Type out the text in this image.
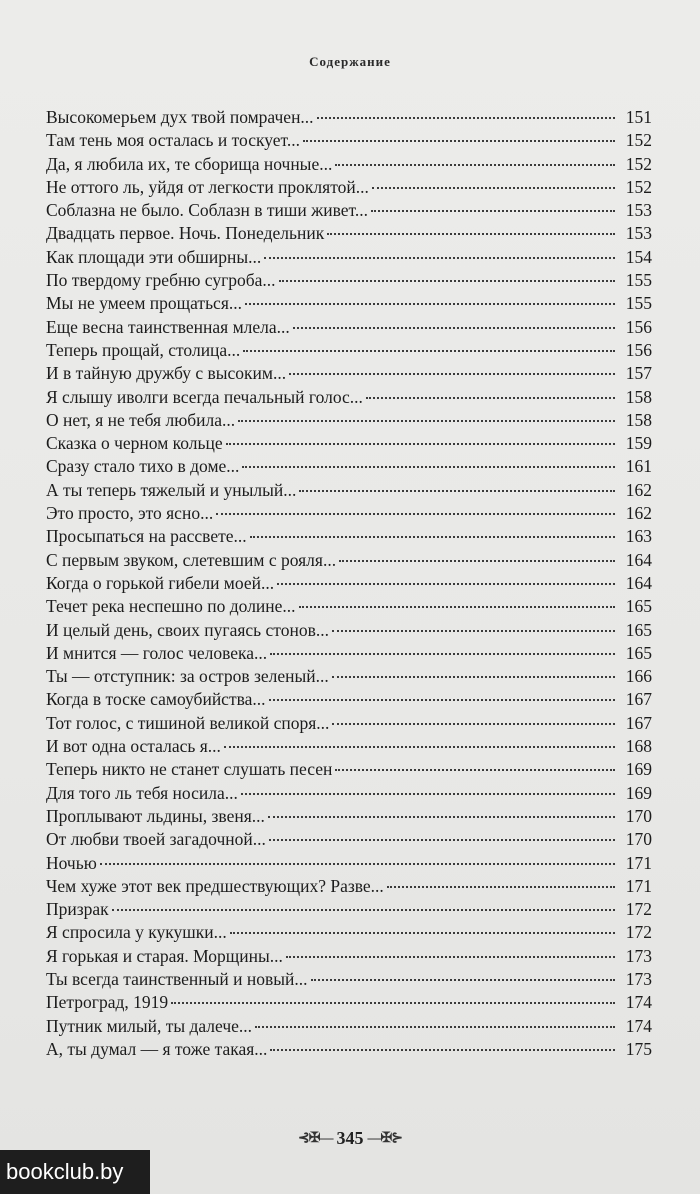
Содержание
Высокомерьем дух твой помрачен...	151
Там тень моя осталась и тоскует...	152
Да, я любила их, те сборища ночные...	152
Не оттого ль, уйдя от легкости проклятой...	152
Соблазна не было. Соблазн в тиши живет...	153
Двадцать первое. Ночь. Понедельник	153
Как площади эти обширны...	154
По твердому гребню сугроба...	155
Мы не умеем прощаться...	155
Еще весна таинственная млела...	156
Теперь прощай, столица...	156
И в тайную дружбу с высоким...	157
Я слышу иволги всегда печальный голос...	158
О нет, я не тебя любила...	158
Сказка о черном кольце	159
Сразу стало тихо в доме...	161
А ты теперь тяжелый и унылый...	162
Это просто, это ясно...	162
Просыпаться на рассвете...	163
С первым звуком, слетевшим с рояля...	164
Когда о горькой гибели моей...	164
Течет река неспешно по долине...	165
И целый день, своих пугаясь стонов...	165
И мнится — голос человека...	165
Ты — отступник: за остров зеленый...	166
Когда в тоске самоубийства...	167
Тот голос, с тишиной великой споря...	167
И вот одна осталась я...	168
Теперь никто не станет слушать песен	169
Для того ль тебя носила...	169
Проплывают льдины, звеня...	170
От любви твоей загадочной...	170
Ночью	171
Чем хуже этот век предшествующих? Разве...	171
Призрак	172
Я спросила у кукушки...	172
Я горькая и старая. Морщины...	173
Ты всегда таинственный и новый...	173
Петроград, 1919	174
Путник милый, ты далече...	174
А, ты думал — я тоже такая...	175
⊰✠— 345 —✠⊱
bookclub.by
